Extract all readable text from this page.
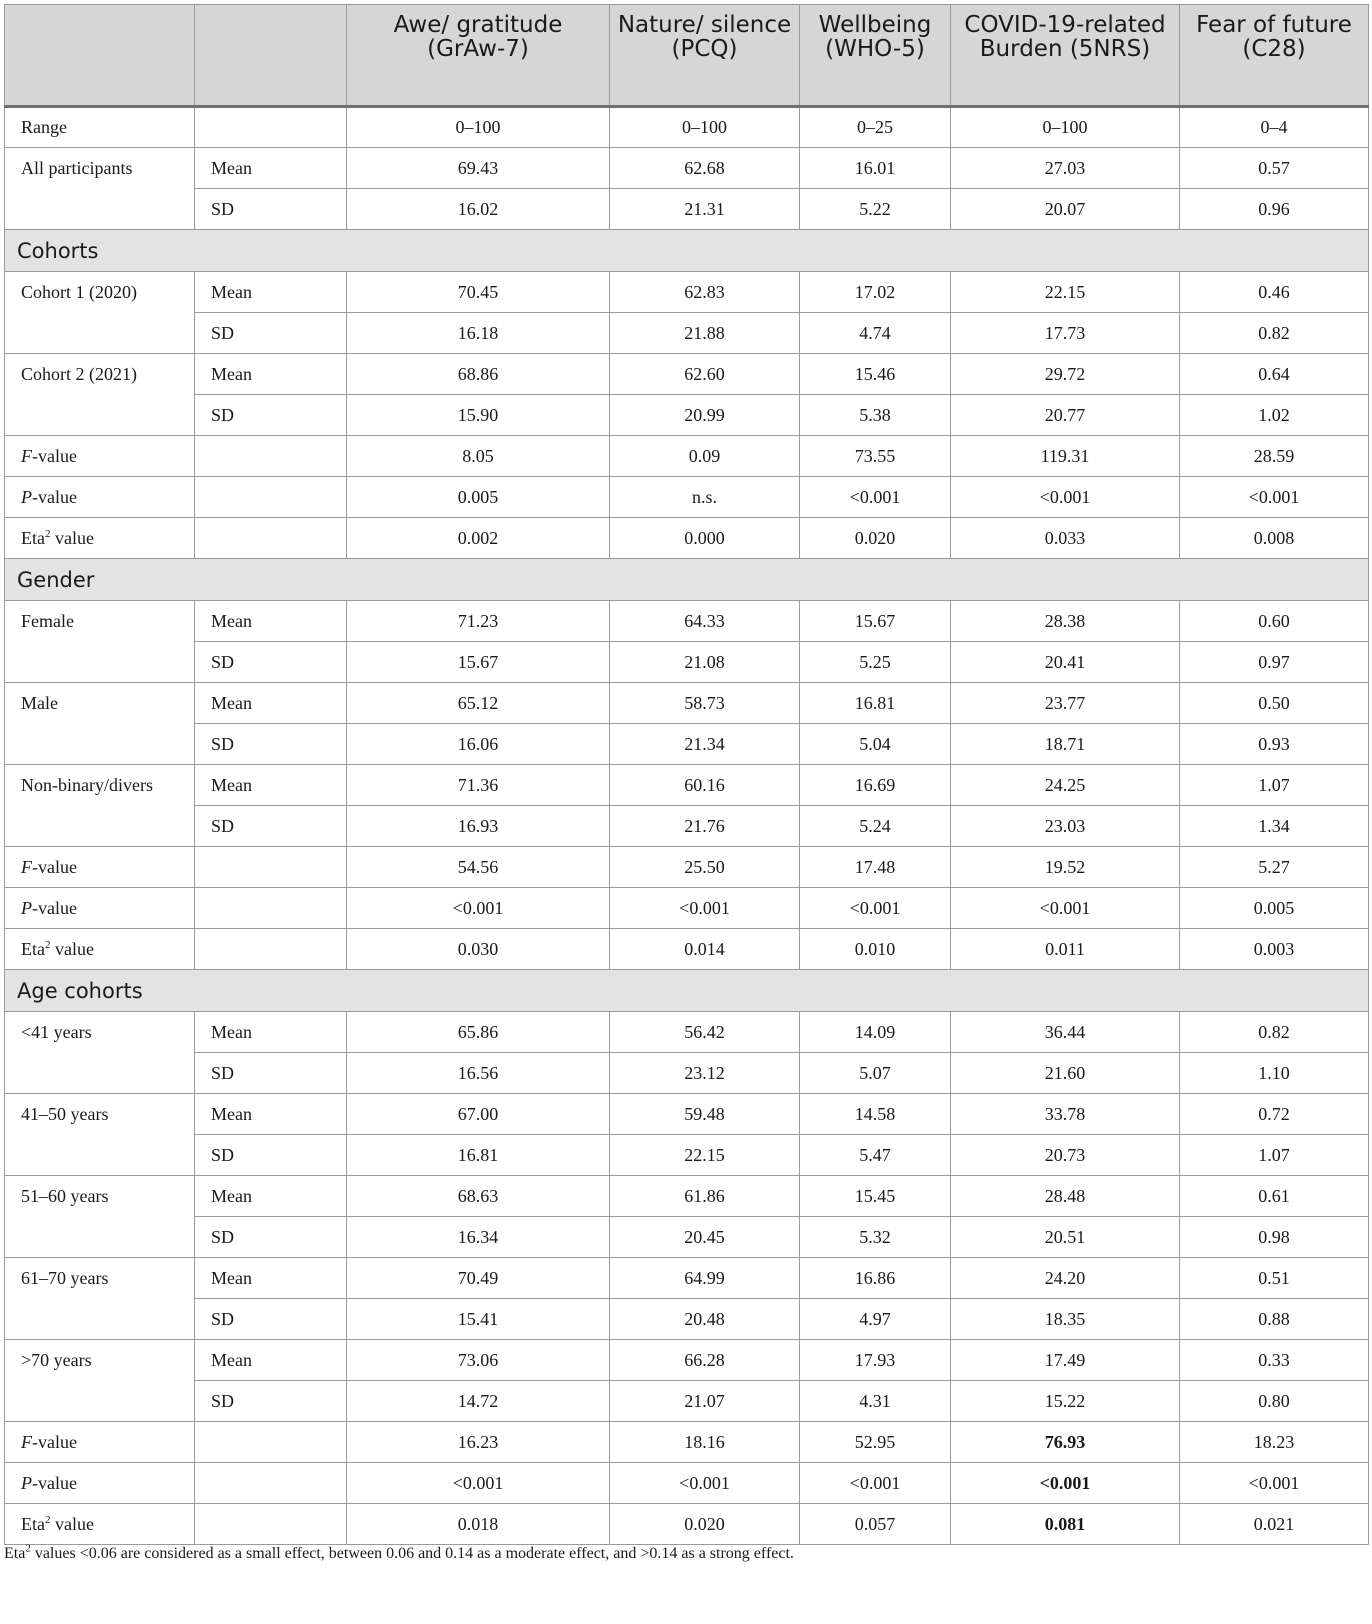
		Awe/ gratitude (GrAw-7)	Nature/ silence (PCQ)	Wellbeing (WHO-5)	COVID-19-related Burden (5NRS)	Fear of future (C28)
Range		0–100	0–100	0–25	0–100	0–4
All participants	Mean	69.43	62.68	16.01	27.03	0.57
	SD	16.02	21.31	5.22	20.07	0.96
Cohorts						
Cohort 1 (2020)	Mean	70.45	62.83	17.02	22.15	0.46
	SD	16.18	21.88	4.74	17.73	0.82
Cohort 2 (2021)	Mean	68.86	62.60	15.46	29.72	0.64
	SD	15.90	20.99	5.38	20.77	1.02
F-value		8.05	0.09	73.55	119.31	28.59
P-value		0.005	n.s.	<0.001	<0.001	<0.001
Eta$^2$ value		0.002	0.000	0.020	0.033	0.008
Gender						
Female	Mean	71.23	64.33	15.67	28.38	0.60
	SD	15.67	21.08	5.25	20.41	0.97
Male	Mean	65.12	58.73	16.81	23.77	0.50
	SD	16.06	21.34	5.04	18.71	0.93
Non-binary/divers	Mean	71.36	60.16	16.69	24.25	1.07
	SD	16.93	21.76	5.24	23.03	1.34
F-value		54.56	25.50	17.48	19.52	5.27
P-value		<0.001	<0.001	<0.001	<0.001	0.005
Eta$^2$ value		0.030	0.014	0.010	0.011	0.003
Age cohorts						
<41 years	Mean	65.86	56.42	14.09	36.44	0.82
	SD	16.56	23.12	5.07	21.60	1.10
41–50 years	Mean	67.00	59.48	14.58	33.78	0.72
	SD	16.81	22.15	5.47	20.73	1.07
51–60 years	Mean	68.63	61.86	15.45	28.48	0.61
	SD	16.34	20.45	5.32	20.51	0.98
61–70 years	Mean	70.49	64.99	16.86	24.20	0.51
	SD	15.41	20.48	4.97	18.35	0.88
>70 years	Mean	73.06	66.28	17.93	17.49	0.33
	SD	14.72	21.07	4.31	15.22	0.80
F-value		16.23	18.16	52.95	76.93	18.23
P-value		<0.001	<0.001	<0.001	<0.001	<0.001
Eta$^2$ value		0.018	0.020	0.057	0.081	0.021
Eta$^2$ values <0.06 are considered as a small effect, between 0.06 and 0.14 as a moderate effect, and >0.14 as a strong effect.
